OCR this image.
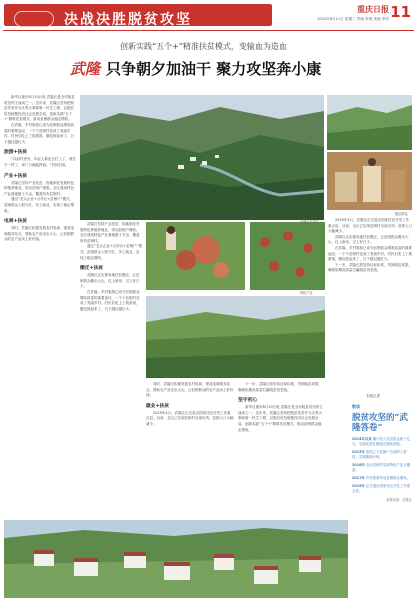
决战决胜脱贫攻坚
重庆日报 11
2020年8月11日 星期二 责编 张明 美编 李庆
创新实践“五个+”精准扶贫模式，变输血为造血
武隆 只争朝夕加油干 聚力攻坚奔小康
武隆乡村风光
特色产业
脱贫群众

新华社重庆8月10日电 武隆区是全市脱贫攻坚的主战场之一。近年来，武隆区坚持把脱贫攻坚作为头等大事和第一民生工程，以脱贫攻坚统揽经济社会发展全局，创新实践“五个+”精准扶贫模式，推动贫困群众稳定增收。

在武隆，乡村旅游已成为贫困群众增收致富的重要途径，一个个贫困村变成了美丽乡村。村民们吃上了旅游饭，腰包鼓起来了，日子越过越红火。

旅游+扶贫

“以前村里穷，年轻人都出去打工了。现在不一样了，家门口就能挣钱。”村民们说。

产业+扶贫

武隆区坚持产业扶贫，因地制宜发展特色种植养殖业，带动贫困户增收。全区建成特色产业基地数十万亩，覆盖所有贫困村。

通过“龙头企业+合作社+贫困户”模式，贫困群众入股分红、务工就业，实现了稳定增收。

电商+扶贫

同时，武隆区积极发展农村电商，建成电商服务站点，帮助农产品走出大山，让贫困群众的农产品卖上好价钱。

武隆区坚持产业扶贫，因地制宜发展特色种植养殖业，带动贫困户增收。全区建成特色产业基地数十万亩，覆盖所有贫困村。

通过“龙头企业+合作社+贫困户”模式，贫困群众入股分红、务工就业，实现了稳定增收。

搬迁+扶贫

武隆区还实施易地扶贫搬迁，让贫困群众搬出大山，住上新房，过上好日子。

在武隆，乡村旅游已成为贫困群众增收致富的重要途径，一个个贫困村变成了美丽乡村。村民们吃上了旅游饭，腰包鼓起来了，日子越过越红火。

同时，武隆区积极发展农村电商，建成电商服务站点，帮助农产品走出大山，让贫困群众的农产品卖上好价钱。

就业+扶贫

2019年4月，武隆区正式退出国家扶贫开发工作重点县。目前，全区已实现贫困村全部出列，贫困人口大幅减少。

下一步，武隆区将坚持目标标准，巩固脱贫成果，确保如期高质量打赢脱贫攻坚战。

坚守初心

新华社重庆8月10日电 武隆区是全市脱贫攻坚的主战场之一。近年来，武隆区坚持把脱贫攻坚作为头等大事和第一民生工程，以脱贫攻坚统揽经济社会发展全局，创新实践“五个+”精准扶贫模式，推动贫困群众稳定增收。

2019年4月，武隆区正式退出国家扶贫开发工作重点县。目前，全区已实现贫困村全部出列，贫困人口大幅减少。

武隆区还实施易地扶贫搬迁，让贫困群众搬出大山，住上新房，过上好日子。

在武隆，乡村旅游已成为贫困群众增收致富的重要途径，一个个贫困村变成了美丽乡村。村民们吃上了旅游饭，腰包鼓起来了，日子越过越红火。

下一步，武隆区将坚持目标标准，巩固脱贫成果，确保如期高质量打赢脱贫攻坚战。

本报记者
数读
脱贫攻坚的“武隆答卷”
2014年以来 累计投入扶贫资金数十亿元，全面改善贫困地区基础设施。
2015年 建档立卡贫困户全部纳入帮扶，实现精准识别。
2016年 全区贫困村实现特色产业全覆盖。
2017年 乡村旅游带动贫困群众增收。
2019年 正式退出国家扶贫开发工作重点县。
数据来源：武隆区
